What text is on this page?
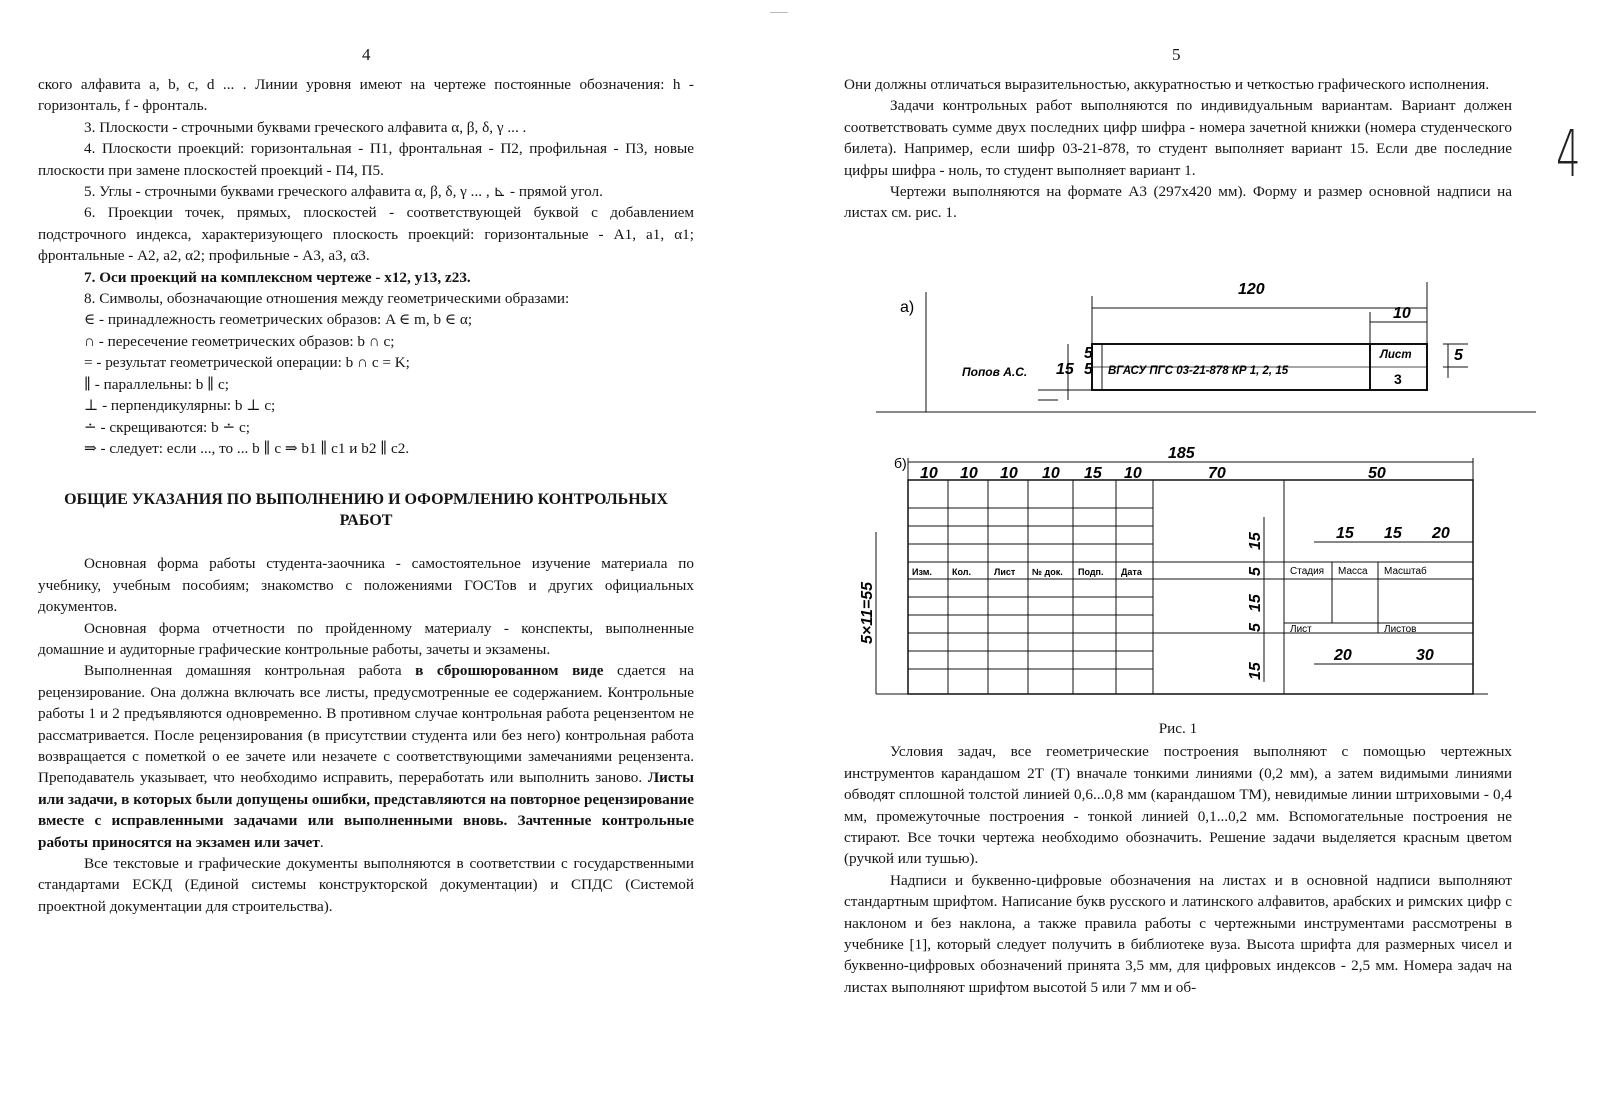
4

ского алфавита a, b, c, d ... . Линии уровня имеют на чертеже постоянные обозначения: h - горизонталь, f - фронталь.

3. Плоскости - строчными буквами греческого алфавита α, β, δ, γ ... .

4. Плоскости проекций: горизонтальная - П1, фронтальная - П2, профильная - П3, новые плоскости при замене плоскостей проекций - П4, П5.

5. Углы - строчными буквами греческого алфавита α, β, δ, γ ... , ⊾ - прямой угол.

6. Проекции точек, прямых, плоскостей - соответствующей буквой с добавлением подстрочного индекса, характеризующего плоскость проекций: горизонтальные - A1, a1, α1; фронтальные - A2, a2, α2; профильные - A3, a3, α3.

7. Оси проекций на комплексном чертеже - x12, y13, z23.

8. Символы, обозначающие отношения между геометрическими образами:

∈ - принадлежность геометрических образов: A ∈ m, b ∈ α;

∩ - пересечение геометрических образов: b ∩ c;

= - результат геометрической операции: b ∩ c = K;

∥ - параллельны: b ∥ c;

⊥ - перпендикулярны: b ⊥ c;

∸ - скрещиваются: b ∸ c;

⇒ - следует: если ..., то ... b ∥ c ⇒ b1 ∥ c1 и b2 ∥ c2.

ОБЩИЕ УКАЗАНИЯ ПО ВЫПОЛНЕНИЮ И ОФОРМЛЕНИЮ КОНТРОЛЬНЫХ РАБОТ

Основная форма работы студента-заочника - самостоятельное изучение материала по учебнику, учебным пособиям; знакомство с положениями ГОСТов и других официальных документов.

Основная форма отчетности по пройденному материалу - конспекты, выполненные домашние и аудиторные графические контрольные работы, зачеты и экзамены.

Выполненная домашняя контрольная работа в сброшюрованном виде сдается на рецензирование. Она должна включать все листы, предусмотренные ее содержанием. Контрольные работы 1 и 2 предъявляются одновременно. В противном случае контрольная работа рецензентом не рассматривается. После рецензирования (в присутствии студента или без него) контрольная работа возвращается с пометкой о ее зачете или незачете с соответствующими замечаниями рецензента. Преподаватель указывает, что необходимо исправить, переработать или выполнить заново. Листы или задачи, в которых были допущены ошибки, представляются на повторное рецензирование вместе с исправленными задачами или выполненными вновь. Зачтенные контрольные работы приносятся на экзамен или зачет.

Все текстовые и графические документы выполняются в соответствии с государственными стандартами ЕСКД (Единой системы конструкторской документации) и СПДС (Системой проектной документации для строительства).

5

Они должны отличаться выразительностью, аккуратностью и четкостью графического исполнения.

Задачи контрольных работ выполняются по индивидуальным вариантам. Вариант должен соответствовать сумме двух последних цифр шифра - номера зачетной книжки (номера студенческого билета). Например, если шифр 03-21-878, то студент выполняет вариант 15. Если две последние цифры шифра - ноль, то студент выполняет вариант 1.

Чертежи выполняются на формате А3 (297х420 мм). Форму и размер основной надписи на листах см. рис. 1.

а)
Попов А.С.	ВГАСУ ПГС 03-21-878 КР 1, 2, 15
Лист
3
120
10
15 5
5	5
б)
185
10 10 10 10 15 10	70	50
15 15 20
20	30
5×11=55
15
5
15
5
15
Изм. Кол.	Лист № док. Подп. Дата	Стадия Масса Масштаб
Лист	Листов

Рис. 1

Условия задач, все геометрические построения выполняют с помощью чертежных инструментов карандашом 2Т (Т) вначале тонкими линиями (0,2 мм), а затем видимыми линиями обводят сплошной толстой линией 0,6...0,8 мм (карандашом ТМ), невидимые линии штриховыми - 0,4 мм, промежуточные построения - тонкой линией 0,1...0,2 мм. Вспомогательные построения не стирают. Все точки чертежа необходимо обозначить. Решение задачи выделяется красным цветом (ручкой или тушью).

Надписи и буквенно-цифровые обозначения на листах и в основной надписи выполняют стандартным шрифтом. Написание букв русского и латинского алфавитов, арабских и римских цифр с наклоном и без наклона, а также правила работы с чертежными инструментами рассмотрены в учебнике [1], который следует получить в библиотеке вуза. Высота шрифта для размерных чисел и буквенно-цифровых обозначений принята 3,5 мм, для цифровых индексов - 2,5 мм. Номера задач на листах выполняют шрифтом высотой 5 или 7 мм и об-

4
